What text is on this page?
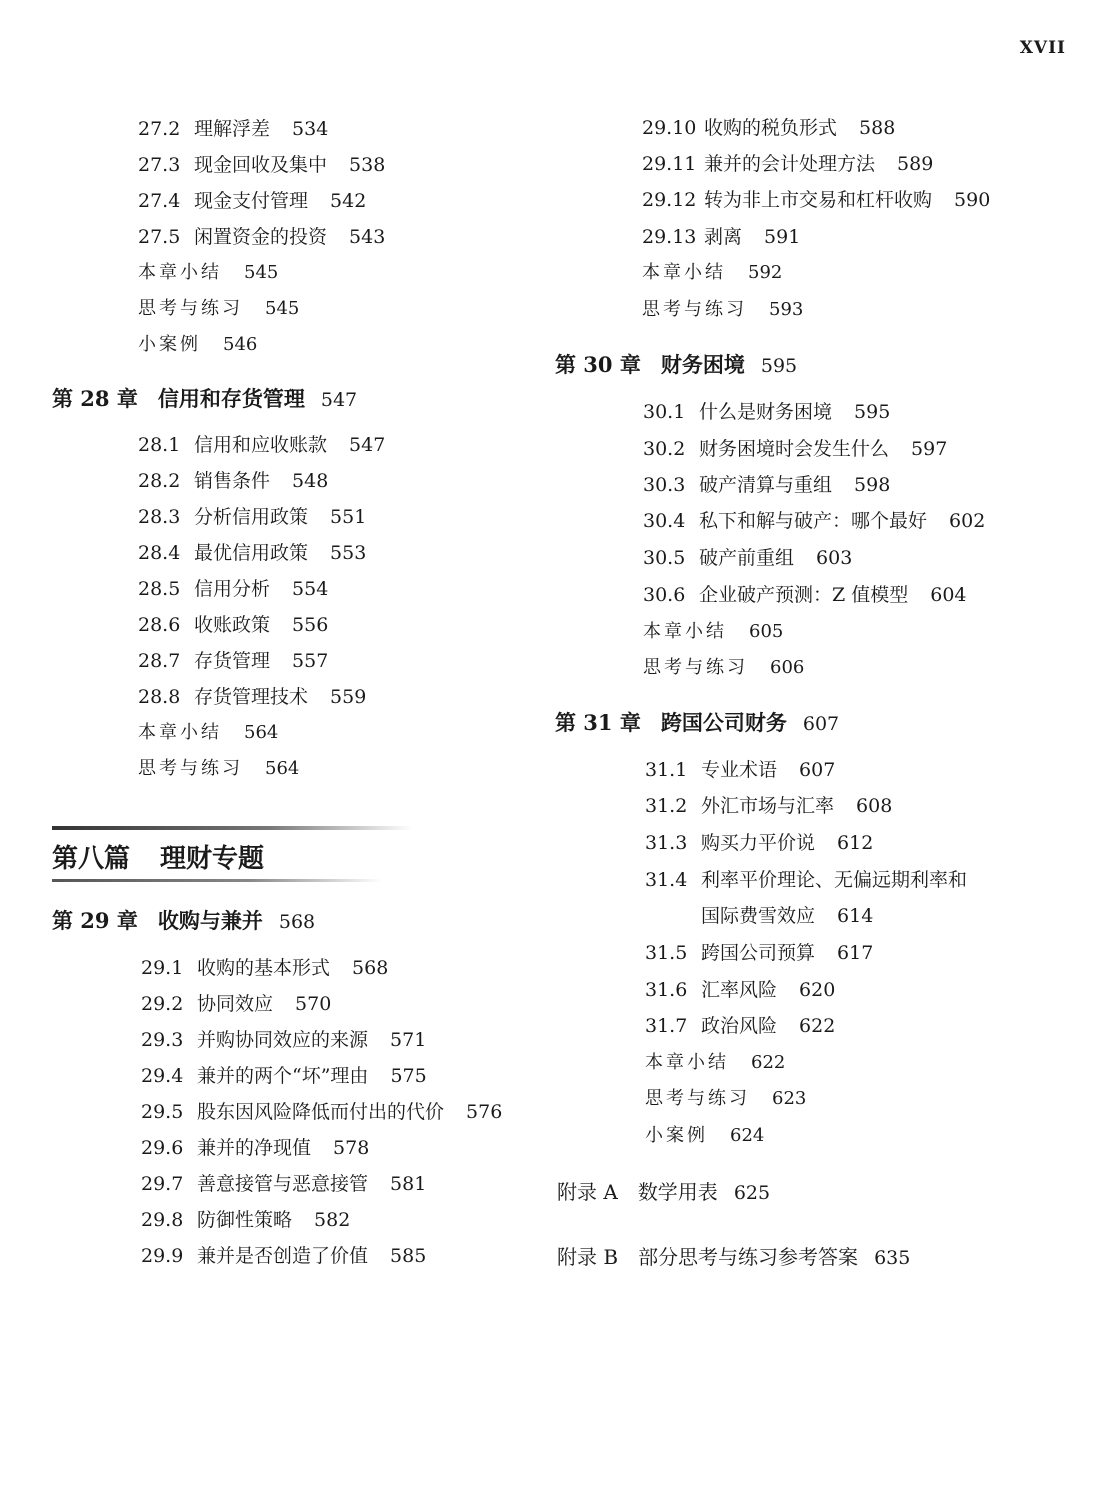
XVII
27.2 理解浮差 534
27.3 现金回收及集中 538
27.4 现金支付管理 542
27.5 闲置资金的投资 543
本章小结 545
思考与练习 545
小案例 546
第 28 章 信用和存货管理 547
28.1 信用和应收账款 547
28.2 销售条件 548
28.3 分析信用政策 551
28.4 最优信用政策 553
28.5 信用分析 554
28.6 收账政策 556
28.7 存货管理 557
28.8 存货管理技术 559
本章小结 564
思考与练习 564
第八篇 理财专题
第 29 章 收购与兼并 568
29.1 收购的基本形式 568
29.2 协同效应 570
29.3 并购协同效应的来源 571
29.4 兼并的两个“坏”理由 575
29.5 股东因风险降低而付出的代价 576
29.6 兼并的净现值 578
29.7 善意接管与恶意接管 581
29.8 防御性策略 582
29.9 兼并是否创造了价值 585
29.10 收购的税负形式 588
29.11 兼并的会计处理方法 589
29.12 转为非上市交易和杠杆收购 590
29.13 剥离 591
本章小结 592
思考与练习 593
第 30 章 财务困境 595
30.1 什么是财务困境 595
30.2 财务困境时会发生什么 597
30.3 破产清算与重组 598
30.4 私下和解与破产：哪个最好 602
30.5 破产前重组 603
30.6 企业破产预测：Z 值模型 604
本章小结 605
思考与练习 606
第 31 章 跨国公司财务 607
31.1 专业术语 607
31.2 外汇市场与汇率 608
31.3 购买力平价说 612
31.4 利率平价理论、无偏远期利率和
国际费雪效应 614
31.5 跨国公司预算 617
31.6 汇率风险 620
31.7 政治风险 622
本章小结 622
思考与练习 623
小案例 624
附录 A 数学用表 625
附录 B 部分思考与练习参考答案 635
